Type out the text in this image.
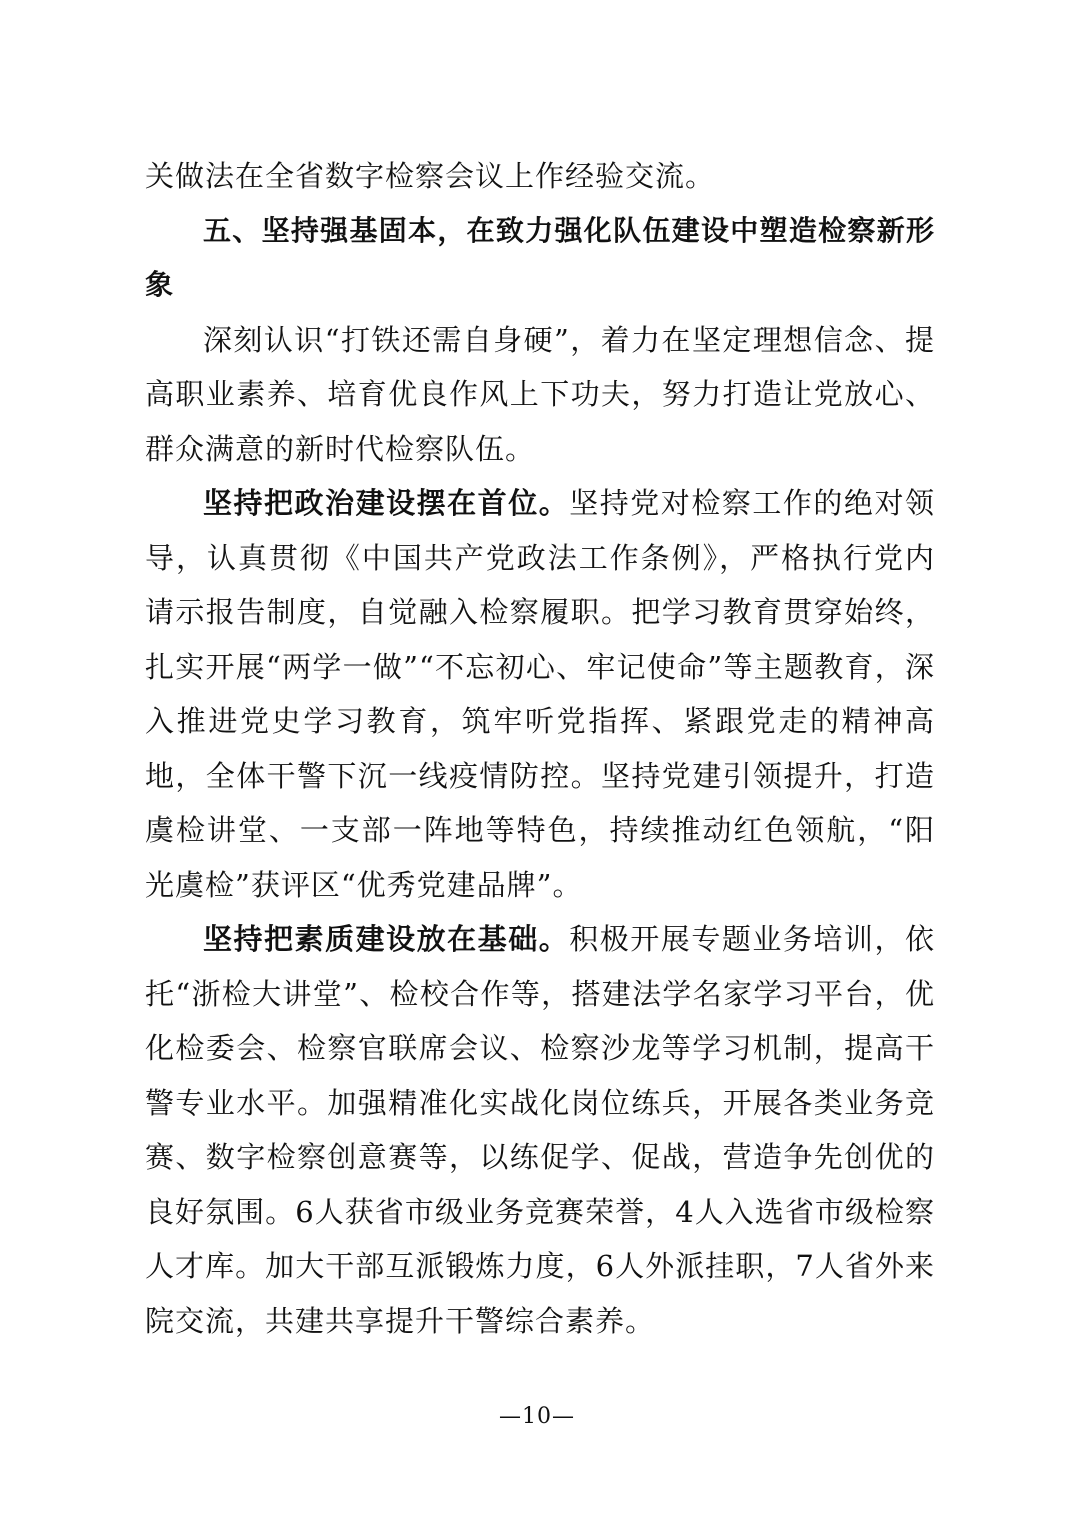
关做法在全省数字检察会议上作经验交流。

五、坚持强基固本，在致力强化队伍建设中塑造检察新形象

深刻认识“打铁还需自身硬”，着力在坚定理想信念、提高职业素养、培育优良作风上下功夫，努力打造让党放心、群众满意的新时代检察队伍。

坚持把政治建设摆在首位。坚持党对检察工作的绝对领导，认真贯彻《中国共产党政法工作条例》，严格执行党内请示报告制度，自觉融入检察履职。把学习教育贯穿始终，扎实开展“两学一做”“不忘初心、牢记使命”等主题教育，深入推进党史学习教育，筑牢听党指挥、紧跟党走的精神高地，全体干警下沉一线疫情防控。坚持党建引领提升，打造虞检讲堂、一支部一阵地等特色，持续推动红色领航，“阳光虞检”获评区“优秀党建品牌”。

坚持把素质建设放在基础。积极开展专题业务培训，依托“浙检大讲堂”、检校合作等，搭建法学名家学习平台，优化检委会、检察官联席会议、检察沙龙等学习机制，提高干警专业水平。加强精准化实战化岗位练兵，开展各类业务竞赛、数字检察创意赛等，以练促学、促战，营造争先创优的良好氛围。6人获省市级业务竞赛荣誉，4人入选省市级检察人才库。加大干部互派锻炼力度，6人外派挂职，7人省外来院交流，共建共享提升干警综合素养。

—10—
